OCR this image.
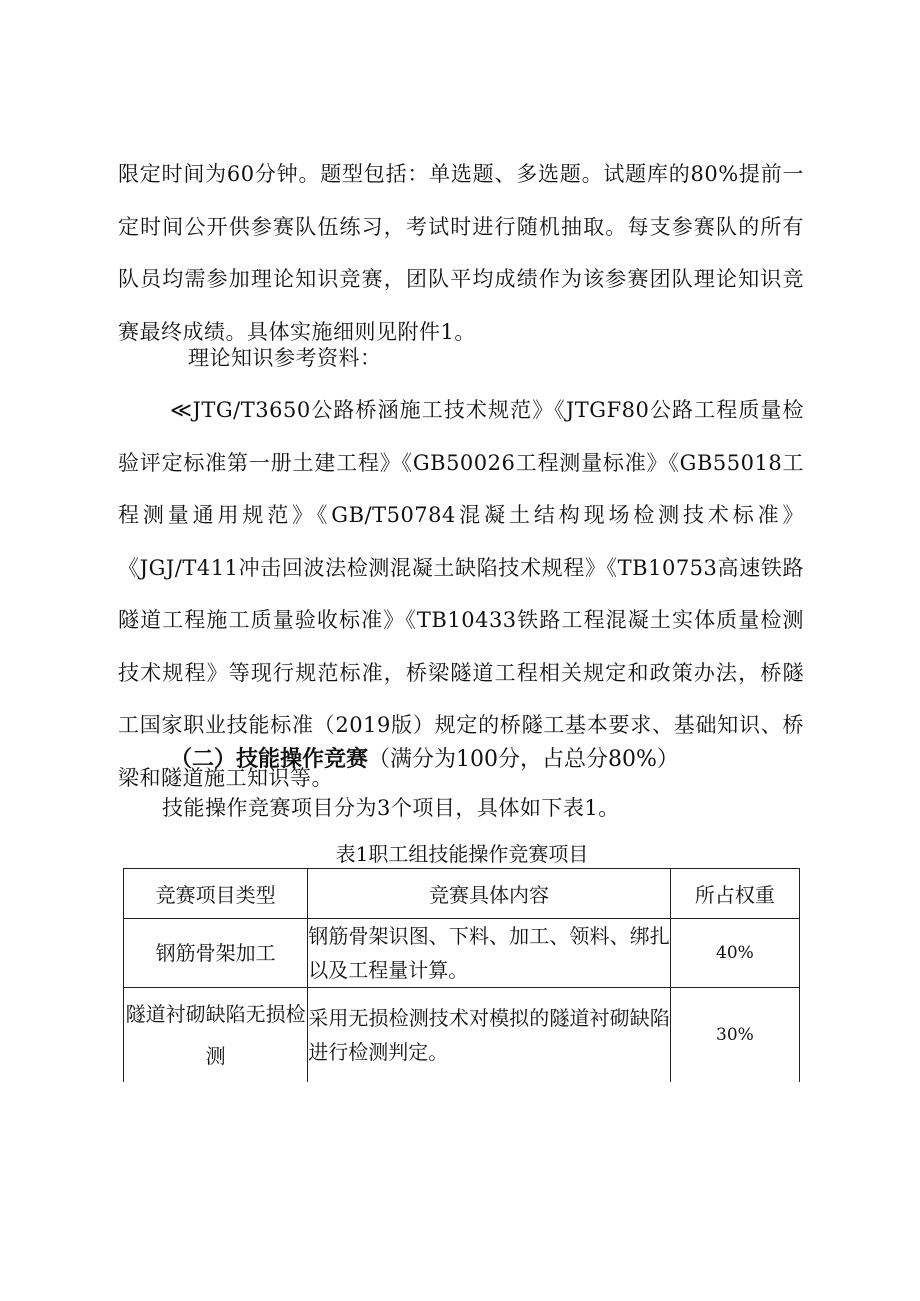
限定时间为60分钟。题型包括：单选题、多选题。试题库的80%提前一定时间公开供参赛队伍练习，考试时进行随机抽取。每支参赛队的所有队员均需参加理论知识竞赛，团队平均成绩作为该参赛团队理论知识竞赛最终成绩。具体实施细则见附件1。

理论知识参考资料：

≪JTG/T3650公路桥涵施工技术规范》《JTGF80公路工程质量检验评定标准第一册土建工程》《GB50026工程测量标准》《GB55018工程测量通用规范》《GB/T50784混凝土结构现场检测技术标准》《JGJ/T411冲击回波法检测混凝土缺陷技术规程》《TB10753高速铁路隧道工程施工质量验收标准》《TB10433铁路工程混凝土实体质量检测技术规程》等现行规范标准，桥梁隧道工程相关规定和政策办法，桥隧工国家职业技能标准（2019版）规定的桥隧工基本要求、基础知识、桥梁和隧道施工知识等。

（二）技能操作竞赛（满分为100分，占总分80%）

技能操作竞赛项目分为3个项目，具体如下表1。

表1职工组技能操作竞赛项目

竞赛项目类型	竞赛具体内容	所占权重
钢筋骨架加工	钢筋骨架识图、下料、加工、领料、绑扎以及工程量计算。	40%
隧道衬砌缺陷无损检测	采用无损检测技术对模拟的隧道衬砌缺陷进行检测判定。	30%
